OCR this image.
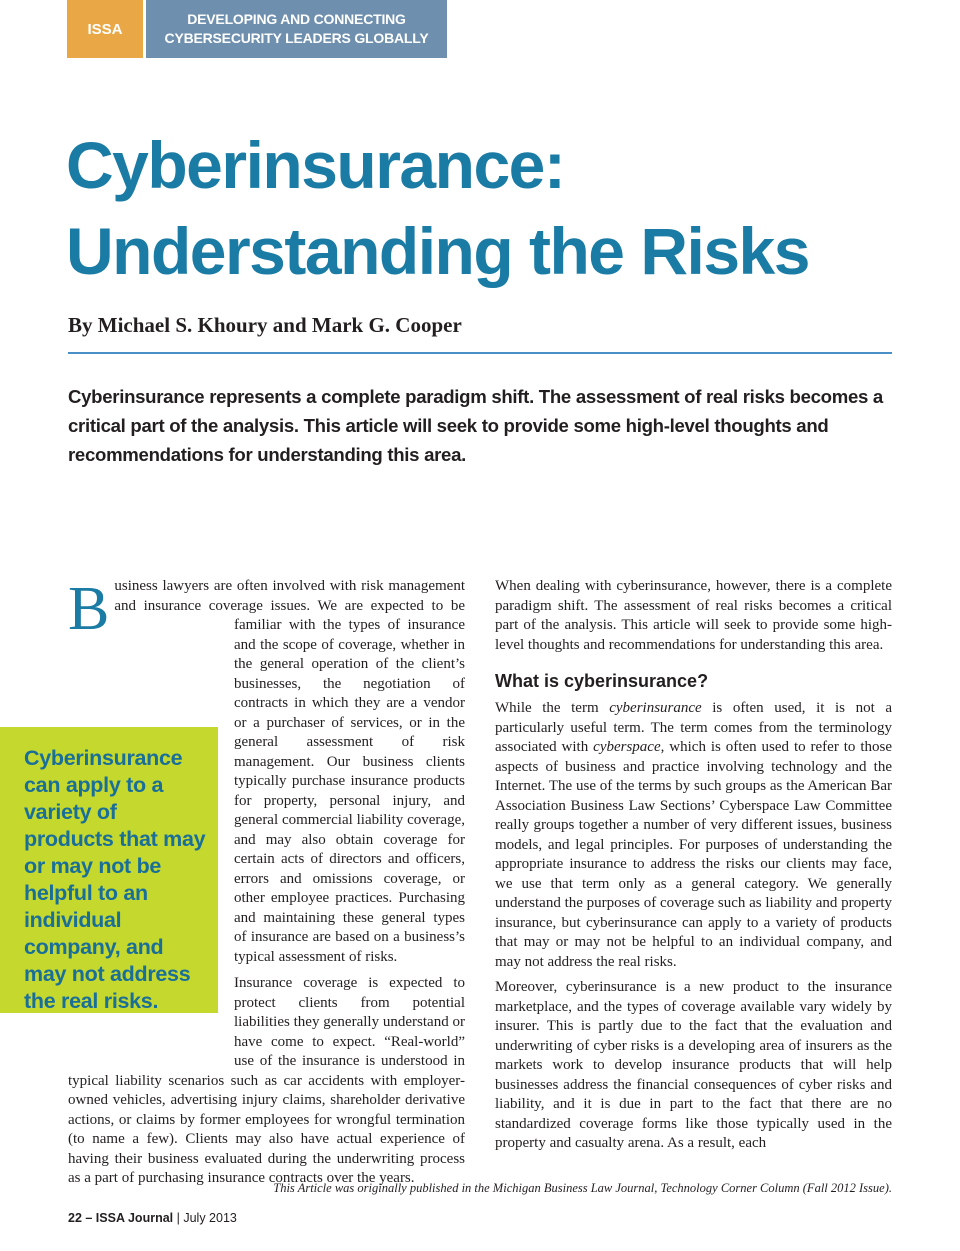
ISSA
DEVELOPING AND CONNECTING
CYBERSECURITY LEADERS GLOBALLY
Cyberinsurance:
Understanding the Risks
By Michael S. Khoury and Mark G. Cooper

Cyberinsurance represents a complete paradigm shift. The assessment of real risks becomes a critical part of the analysis. This article will seek to provide some high-level thoughts and recommendations for understanding this area.

B usiness lawyers are often involved with risk management and insurance coverage issues. We are expected to be familiar with the types of insurance and the scope of coverage, whether in the general operation of the client’s businesses, the negotiation of contracts in which they are a vendor or a purchaser of services, or in the general assessment of risk management. Our business clients typically purchase insurance products for property, personal injury, and general commercial liability coverage, and may also obtain coverage for certain acts of directors and officers, errors and omissions coverage, or other employee practices. Purchasing and maintaining these general types of insurance are based on a business’s typical assessment of risks.

Insurance coverage is expected to protect clients from potential liabilities they generally understand or have come to expect. “Real-world” use of the insurance is understood in typical liability scenarios such as car accidents with employer-owned vehicles, advertising injury claims, shareholder derivative actions, or claims by former employees for wrongful termination (to name a few). Clients may also have actual experience of having their business evaluated during the underwriting process as a part of purchasing insurance contracts over the years.

Cyberinsurance can apply to a variety of products that may or may not be helpful to an individual company, and may not address the real risks.

When dealing with cyberinsurance, however, there is a complete paradigm shift. The assessment of real risks becomes a critical part of the analysis. This article will seek to provide some high-level thoughts and recommendations for understanding this area.

What is cyberinsurance?

While the term cyberinsurance is often used, it is not a particularly useful term. The term comes from the terminology associated with cyberspace, which is often used to refer to those aspects of business and practice involving technology and the Internet. The use of the terms by such groups as the American Bar Association Business Law Sections’ Cyberspace Law Committee really groups together a number of very different issues, business models, and legal principles. For purposes of understanding the appropriate insurance to address the risks our clients may face, we use that term only as a general category. We generally understand the purposes of coverage such as liability and property insurance, but cyberinsurance can apply to a variety of products that may or may not be helpful to an individual company, and may not address the real risks.

Moreover, cyberinsurance is a new product to the insurance marketplace, and the types of coverage available vary widely by insurer. This is partly due to the fact that the evaluation and underwriting of cyber risks is a developing area of insurers as the markets work to develop insurance products that will help businesses address the financial consequences of cyber risks and liability, and it is due in part to the fact that there are no standardized coverage forms like those typically used in the property and casualty arena. As a result, each

This Article was originally published in the Michigan Business Law Journal, Technology Corner Column (Fall 2012 Issue).
22 – ISSA Journal | July 2013
